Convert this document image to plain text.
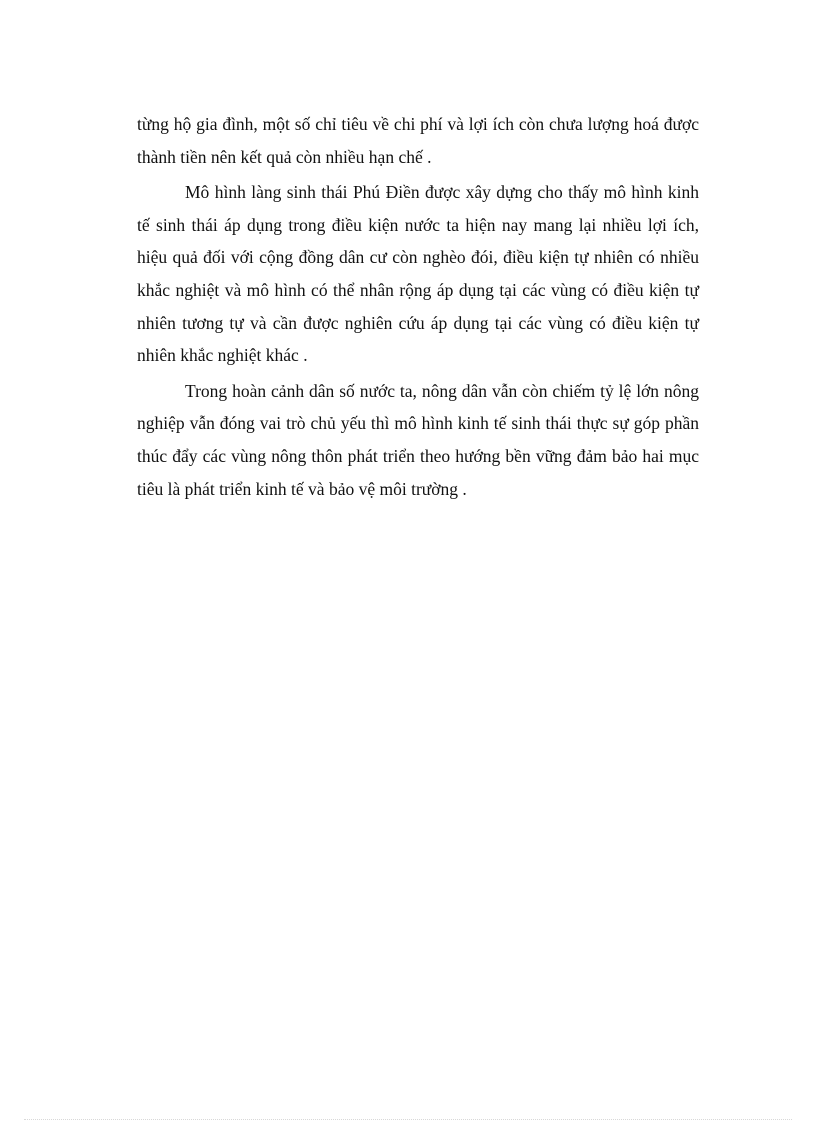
từng hộ gia đình, một số chỉ tiêu về chi phí và lợi ích còn chưa lượng hoá được thành tiền nên kết quả còn nhiều hạn chế .

Mô hình làng sinh thái Phú Điền được xây dựng cho thấy mô hình kinh tế sinh thái áp dụng trong điều kiện nước ta hiện nay mang lại nhiều lợi ích, hiệu quả đối với cộng đồng dân cư còn nghèo đói, điều kiện tự nhiên có nhiều khắc nghiệt và mô hình có thể nhân rộng áp dụng tại các vùng có điều kiện tự nhiên tương tự và cần được nghiên cứu áp dụng tại các vùng có điều kiện tự nhiên khắc nghiệt khác .

Trong hoàn cảnh dân số nước ta, nông dân vẫn còn chiếm tỷ lệ lớn nông nghiệp vẫn đóng vai trò chủ yếu thì mô hình kinh tế sinh thái thực sự góp phần thúc đẩy các vùng nông thôn phát triển theo hướng bền vững đảm bảo hai mục tiêu là phát triển kinh tế và bảo vệ môi trường .
